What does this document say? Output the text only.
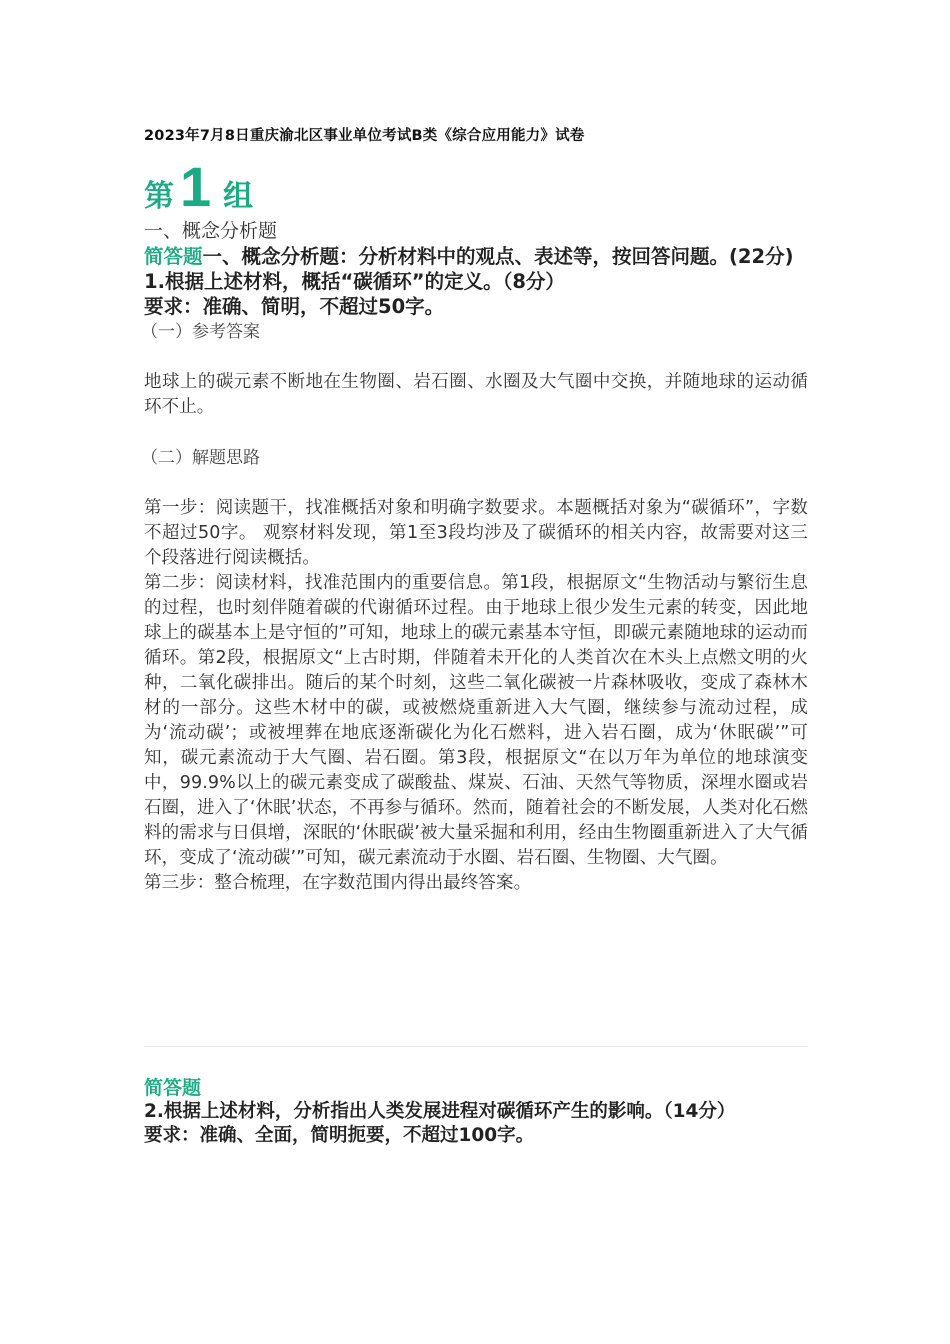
2023年7月8日重庆渝北区事业单位考试B类《综合应用能力》试卷
第 1 组
一、概念分析题
简答题一、概念分析题：分析材料中的观点、表述等，按回答问题。(22分)
1.根据上述材料，概括“碳循环”的定义。（8分）
要求：准确、简明，不超过50字。
（一）参考答案
地球上的碳元素不断地在生物圈、岩石圈、水圈及大气圈中交换，并随地球的运动循环不止。
（二）解题思路
第一步：阅读题干，找准概括对象和明确字数要求。本题概括对象为“碳循环”，字数不超过50字。 观察材料发现，第1至3段均涉及了碳循环的相关内容，故需要对这三个段落进行阅读概括。
第二步：阅读材料，找准范围内的重要信息。第1段，根据原文“生物活动与繁衍生息的过程，也时刻伴随着碳的代谢循环过程。由于地球上很少发生元素的转变，因此地球上的碳基本上是守恒的”可知，地球上的碳元素基本守恒，即碳元素随地球的运动而循环。第2段，根据原文“上古时期，伴随着未开化的人类首次在木头上点燃文明的火种，二氧化碳排出。随后的某个时刻，这些二氧化碳被一片森林吸收，变成了森林木材的一部分。这些木材中的碳，或被燃烧重新进入大气圈，继续参与流动过程，成为‘流动碳’；或被埋葬在地底逐渐碳化为化石燃料，进入岩石圈，成为‘休眠碳’”可知，碳元素流动于大气圈、岩石圈。第3段，根据原文“在以万年为单位的地球演变中，99.9%以上的碳元素变成了碳酸盐、煤炭、石油、天然气等物质，深埋水圈或岩石圈，进入了‘休眠’状态，不再参与循环。然而，随着社会的不断发展，人类对化石燃料的需求与日俱增，深眠的‘休眠碳’被大量采掘和利用，经由生物圈重新进入了大气循环，变成了‘流动碳’”可知，碳元素流动于水圈、岩石圈、生物圈、大气圈。
第三步：整合梳理，在字数范围内得出最终答案。
简答题
2.根据上述材料，分析指出人类发展进程对碳循环产生的影响。（14分）
要求：准确、全面，简明扼要，不超过100字。
